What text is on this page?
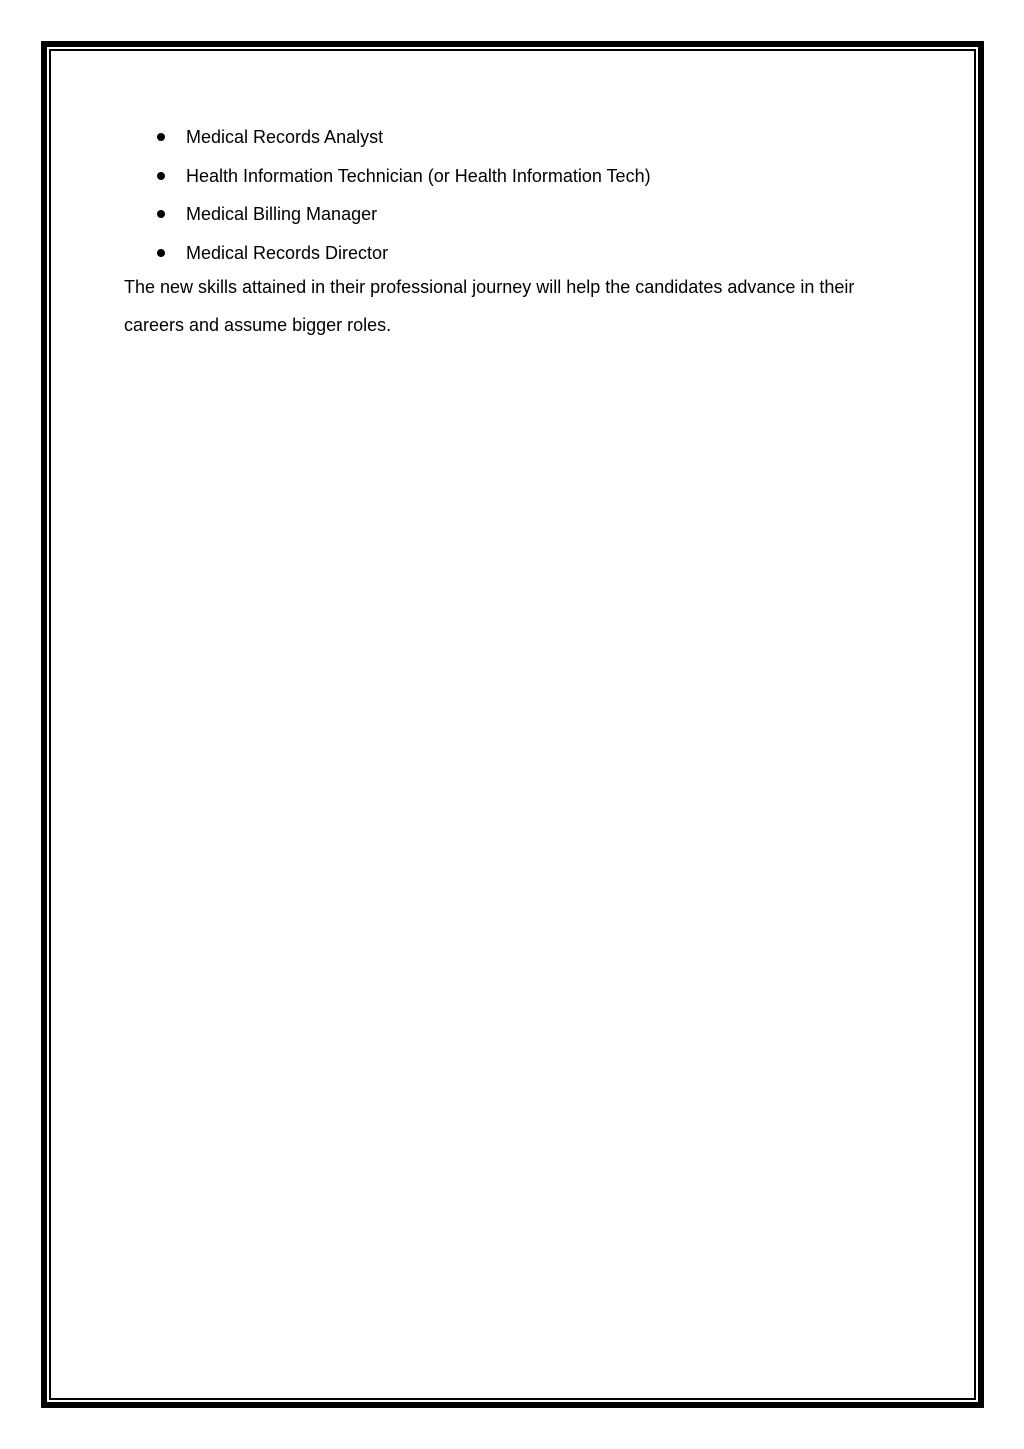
Medical Records Analyst
Health Information Technician (or Health Information Tech)
Medical Billing Manager
Medical Records Director

The new skills attained in their professional journey will help the candidates advance in their careers and assume bigger roles.
